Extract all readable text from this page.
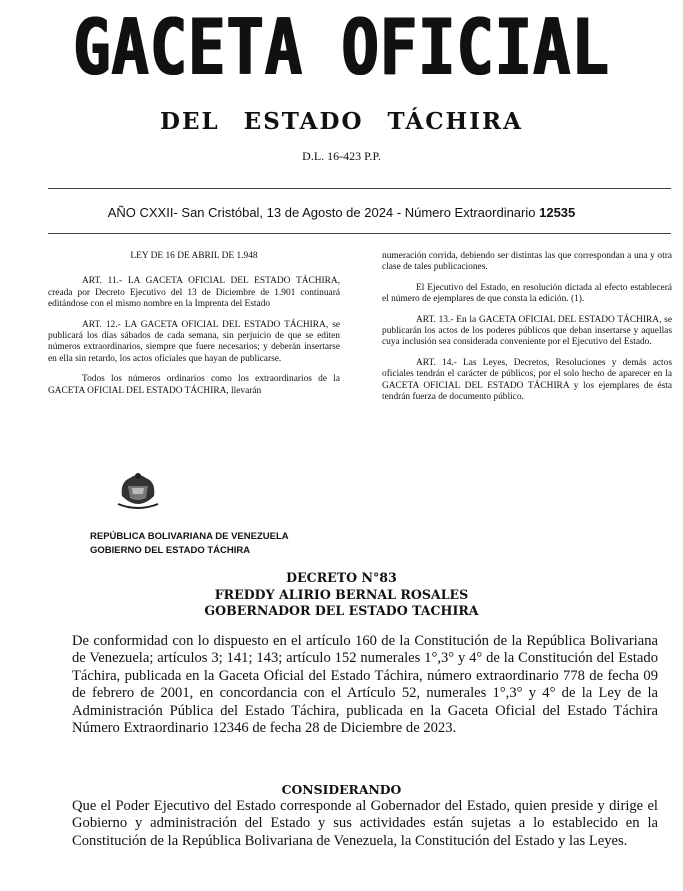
GACETA OFICIAL
DEL ESTADO TÁCHIRA
D.L. 16-423 P.P.
AÑO CXXII- San Cristóbal, 13 de Agosto de 2024 - Número Extraordinario 12535

LEY DE 16 DE ABRIL DE 1.948

ART. 11.- LA GACETA OFICIAL DEL ESTADO TÁCHIRA, creada por Decreto Ejecutivo del 13 de Diciembre de 1.901 continuará editándose con el mismo nombre en la Imprenta del Estado

ART. 12.- LA GACETA OFICIAL DEL ESTADO TÁCHIRA, se publicará los días sábados de cada semana, sin perjuicio de que se editen números extraordinarios, siempre que fuere necesarios; y deberán insertarse en ella sin retardo, los actos oficiales que hayan de publicarse.

Todos los números ordinarios como los extraordinarios de la GACETA OFICIAL DEL ESTADO TÁCHIRA, llevarán

numeración corrida, debiendo ser distintas las que correspondan a una y otra clase de tales publicaciones.

El Ejecutivo del Estado, en resolución dictada al efecto establecerá el número de ejemplares de que consta la edición. (1).

ART. 13.- En la GACETA OFICIAL DEL ESTADO TÁCHIRA, se publicarán los actos de los poderes públicos que deban insertarse y aquellas cuya inclusión sea considerada conveniente por el Ejecutivo del Estado.

ART. 14.- Las Leyes, Decretos, Resoluciones y demás actos oficiales tendrán el carácter de públicos, por el solo hecho de aparecer en la GACETA OFICIAL DEL ESTADO TÁCHIRA y los ejemplares de ésta tendrán fuerza de documento público.

REPÚBLICA BOLIVARIANA DE VENEZUELA
GOBIERNO DEL ESTADO TÁCHIRA
DECRETO N°83
FREDDY ALIRIO BERNAL ROSALES
GOBERNADOR DEL ESTADO TACHIRA
De conformidad con lo dispuesto en el artículo 160 de la Constitución de la República Bolivariana de Venezuela; artículos 3; 141; 143; artículo 152 numerales 1°,3° y 4° de la Constitución del Estado Táchira, publicada en la Gaceta Oficial del Estado Táchira, número extraordinario 778 de fecha 09 de febrero de 2001, en concordancia con el Artículo 52, numerales 1°,3° y 4° de la Ley de la Administración Pública del Estado Táchira, publicada en la Gaceta Oficial del Estado Táchira Número Extraordinario 12346 de fecha 28 de Diciembre de 2023.
CONSIDERANDO
Que el Poder Ejecutivo del Estado corresponde al Gobernador del Estado, quien preside y dirige el Gobierno y administración del Estado y sus actividades están sujetas a lo establecido en la Constitución de la República Bolivariana de Venezuela, la Constitución del Estado y las Leyes.
